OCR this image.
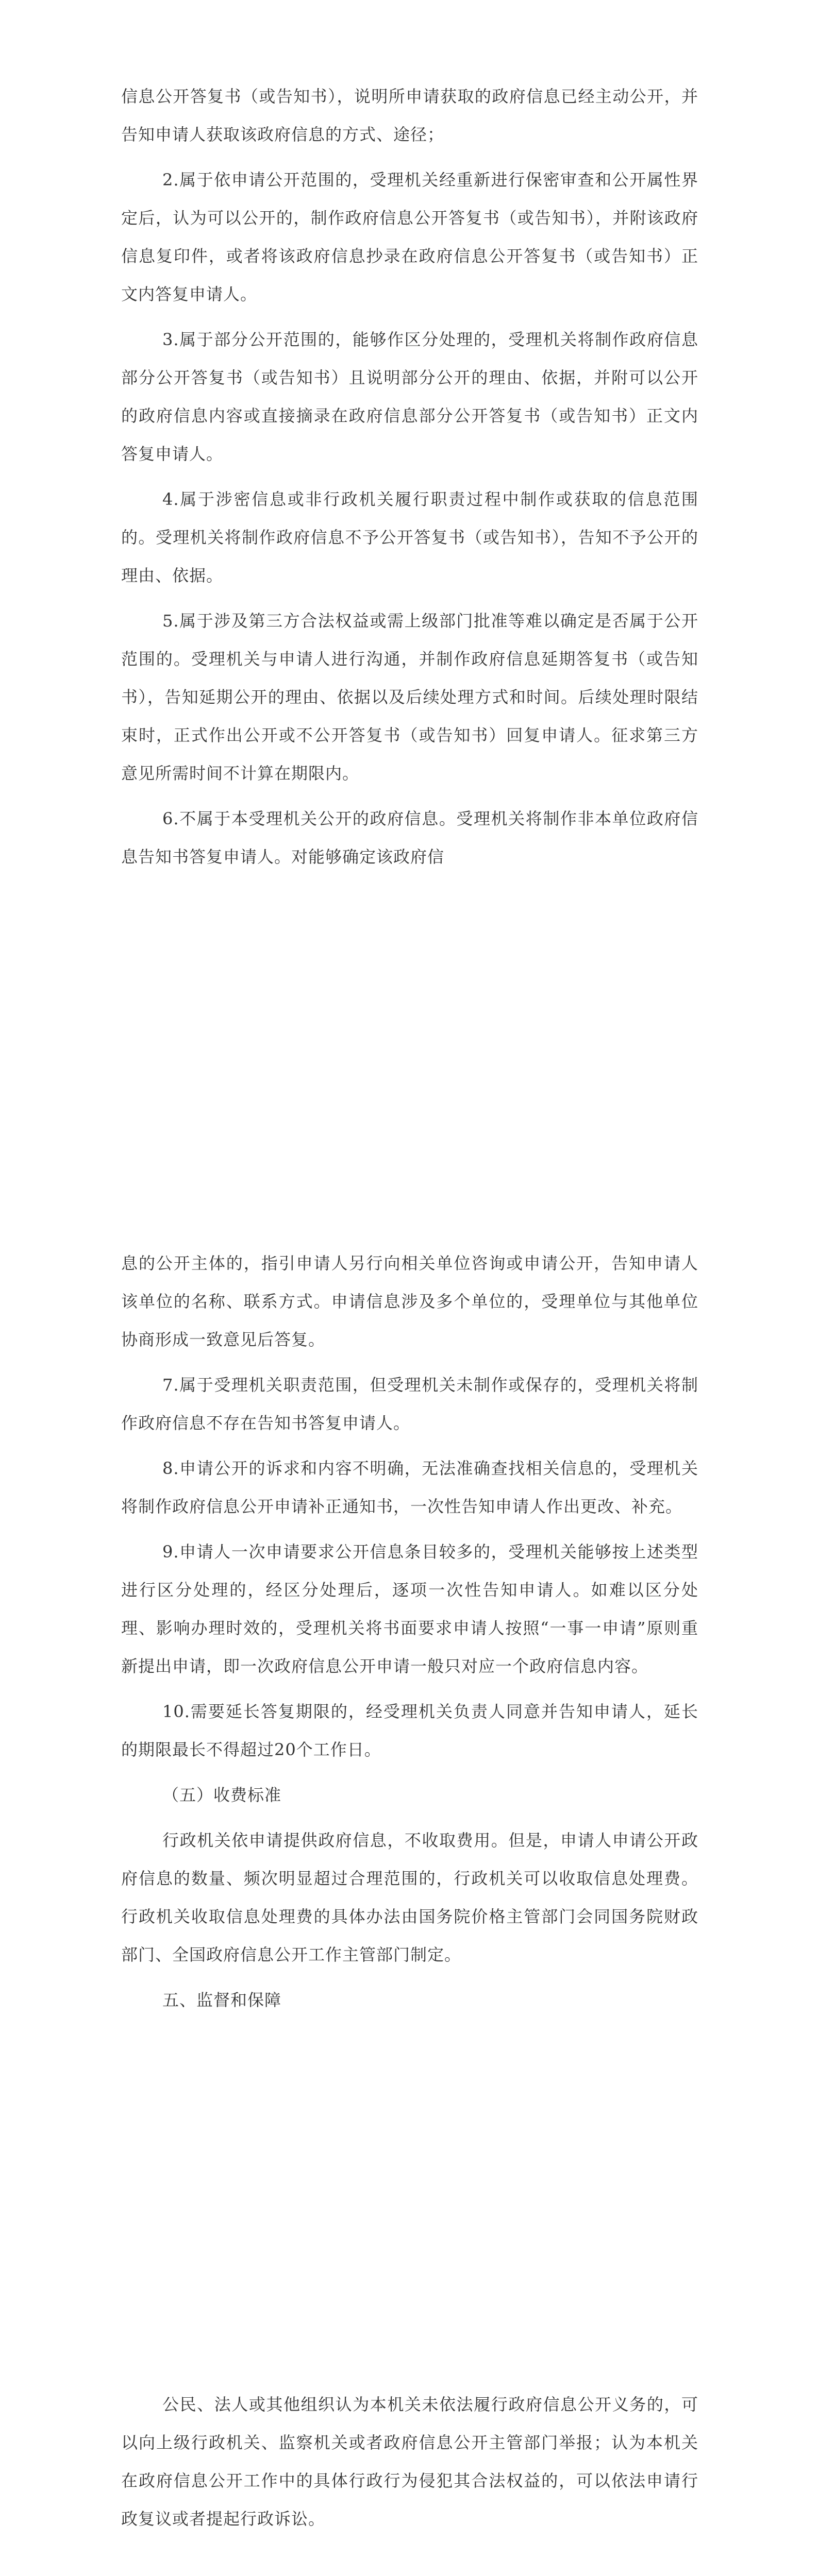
信息公开答复书（或告知书），说明所申请获取的政府信息已经主动公开，并告知申请人获取该政府信息的方式、途径；

2.属于依申请公开范围的，受理机关经重新进行保密审查和公开属性界定后，认为可以公开的，制作政府信息公开答复书（或告知书），并附该政府信息复印件，或者将该政府信息抄录在政府信息公开答复书（或告知书）正文内答复申请人。

3.属于部分公开范围的，能够作区分处理的，受理机关将制作政府信息部分公开答复书（或告知书）且说明部分公开的理由、依据，并附可以公开的政府信息内容或直接摘录在政府信息部分公开答复书（或告知书）正文内答复申请人。

4.属于涉密信息或非行政机关履行职责过程中制作或获取的信息范围的。受理机关将制作政府信息不予公开答复书（或告知书），告知不予公开的理由、依据。

5.属于涉及第三方合法权益或需上级部门批准等难以确定是否属于公开范围的。受理机关与申请人进行沟通，并制作政府信息延期答复书（或告知书），告知延期公开的理由、依据以及后续处理方式和时间。后续处理时限结束时，正式作出公开或不公开答复书（或告知书）回复申请人。征求第三方意见所需时间不计算在期限内。

6.不属于本受理机关公开的政府信息。受理机关将制作非本单位政府信息告知书答复申请人。对能够确定该政府信

息的公开主体的，指引申请人另行向相关单位咨询或申请公开，告知申请人该单位的名称、联系方式。申请信息涉及多个单位的，受理单位与其他单位协商形成一致意见后答复。

7.属于受理机关职责范围，但受理机关未制作或保存的，受理机关将制作政府信息不存在告知书答复申请人。

8.申请公开的诉求和内容不明确，无法准确查找相关信息的，受理机关将制作政府信息公开申请补正通知书，一次性告知申请人作出更改、补充。

9.申请人一次申请要求公开信息条目较多的，受理机关能够按上述类型进行区分处理的，经区分处理后，逐项一次性告知申请人。如难以区分处理、影响办理时效的，受理机关将书面要求申请人按照“一事一申请”原则重新提出申请，即一次政府信息公开申请一般只对应一个政府信息内容。

10.需要延长答复期限的，经受理机关负责人同意并告知申请人，延长的期限最长不得超过20个工作日。

（五）收费标准

行政机关依申请提供政府信息，不收取费用。但是，申请人申请公开政府信息的数量、频次明显超过合理范围的，行政机关可以收取信息处理费。行政机关收取信息处理费的具体办法由国务院价格主管部门会同国务院财政部门、全国政府信息公开工作主管部门制定。

五、监督和保障

公民、法人或其他组织认为本机关未依法履行政府信息公开义务的，可以向上级行政机关、监察机关或者政府信息公开主管部门举报；认为本机关在政府信息公开工作中的具体行政行为侵犯其合法权益的，可以依法申请行政复议或者提起行政诉讼。
